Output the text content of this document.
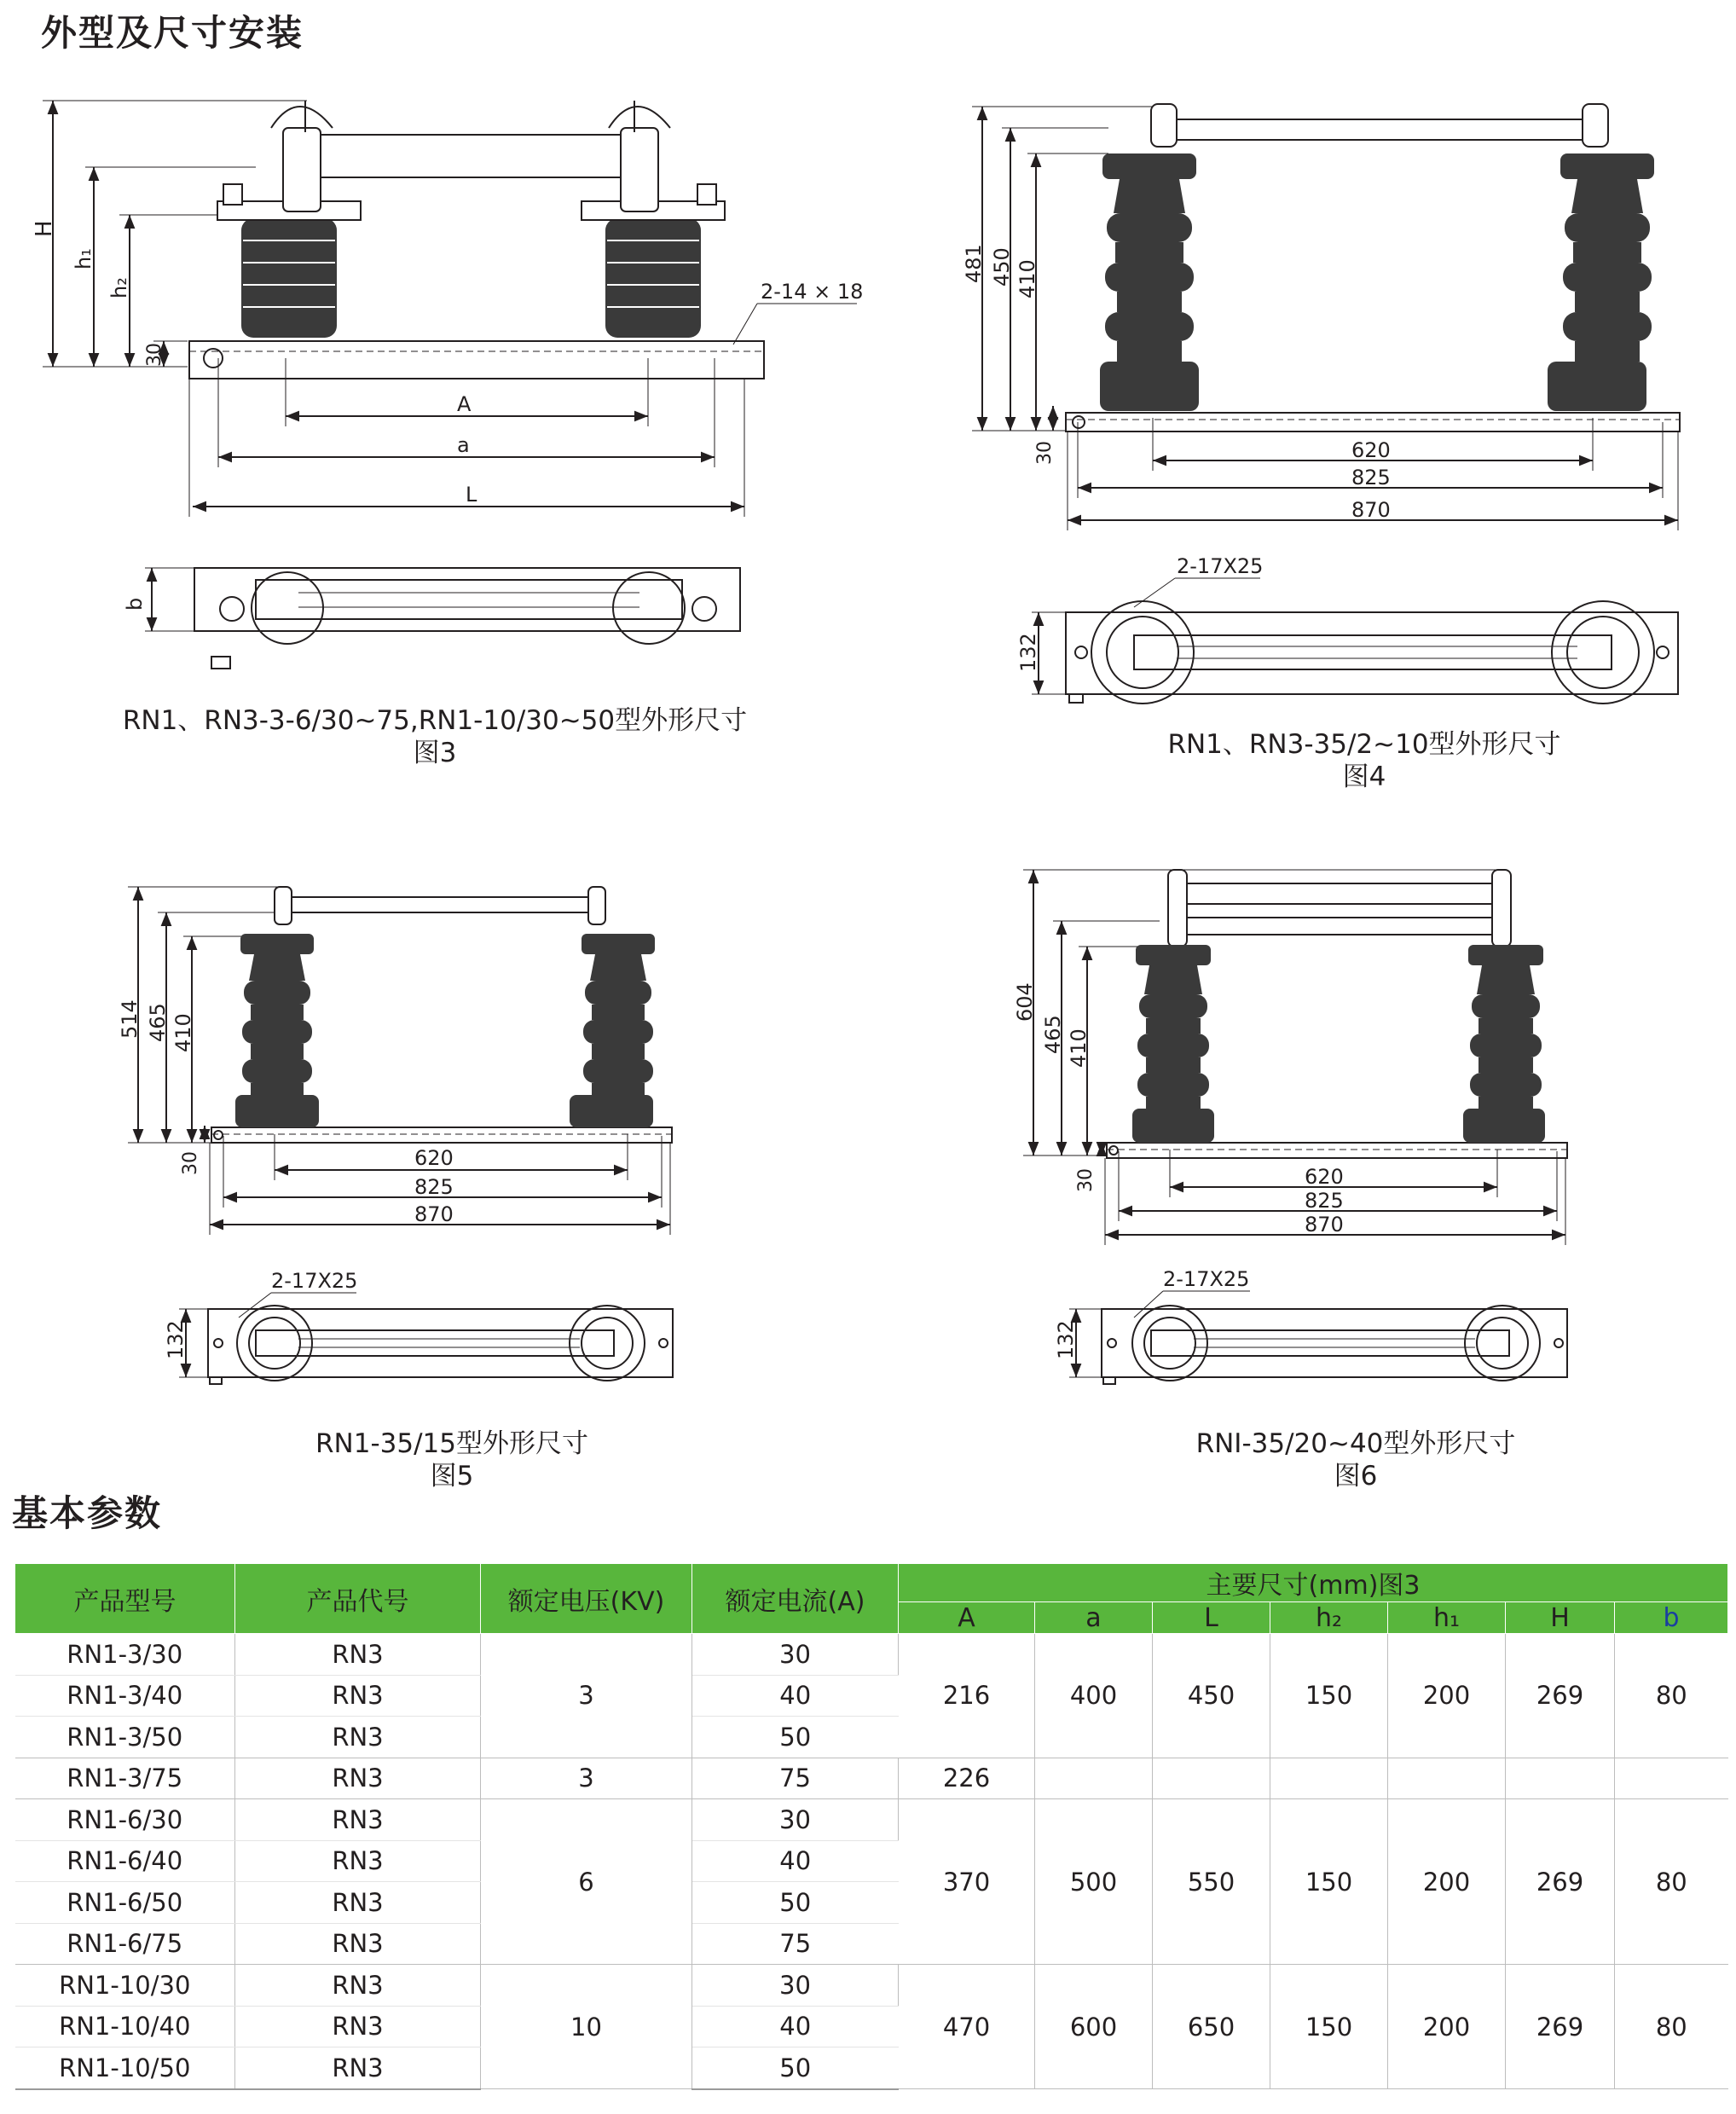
外型及尺寸安装
H
h₁
h₂
30
2-14 × 18
A
a
L
b
481 450 410
30	620
825
870
2-17X25
132
514 465 410
30	620
825
870
2-17X25
132
604
465 410
30	620
825
870
2-17X25
132
RN1、RN3-3-6/30~75,RN1-10/30~50型外形尺寸
图3	RN1、RN3-35/2~10型外形尺寸
图4
RN1-35/15型外形尺寸
图5
RNI-35/20~40型外形尺寸
图6
基本参数
产品型号	产品代号	额定电压(KV)	额定电流(A)	主要尺寸(mm)图3						
				A	a	L	h₂	h₁	H	b
RN1-3/30	RN3	3	30	216	400	450	150	200	269	80
RN1-3/40	RN3		40							
RN1-3/50	RN3		50							
RN1-3/75	RN3	3	75	226						
RN1-6/30	RN3	6	30	370	500	550	150	200	269	80
RN1-6/40	RN3		40							
RN1-6/50	RN3		50							
RN1-6/75	RN3		75							
RN1-10/30	RN3	10	30	470	600	650	150	200	269	80
RN1-10/40	RN3		40							
RN1-10/50	RN3		50							
